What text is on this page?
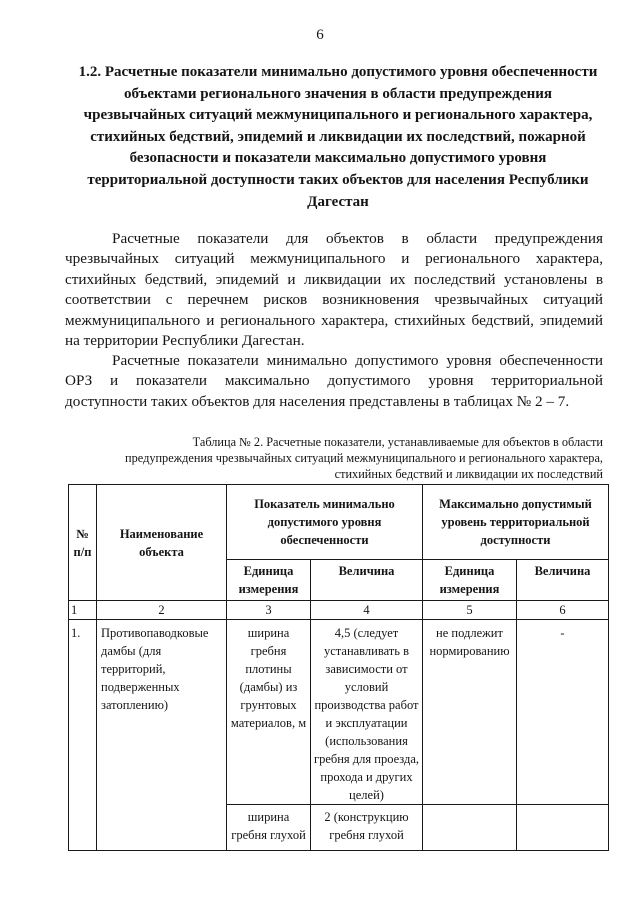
6
1.2. Расчетные показатели минимально допустимого уровня обеспеченности объектами регионального значения в области предупреждения чрезвычайных ситуаций межмуниципального и регионального характера, стихийных бедствий, эпидемий и ликвидации их последствий, пожарной безопасности и показатели максимально допустимого уровня территориальной доступности таких объектов для населения Республики Дагестан
Расчетные показатели для объектов в области предупреждения
чрезвычайных ситуаций межмуниципального и регионального характера,
стихийных бедствий, эпидемий и ликвидации их последствий установлены в
соответствии с перечнем рисков возникновения чрезвычайных ситуаций
межмуниципального и регионального характера, стихийных бедствий, эпидемий
на территории Республики Дагестан.
Расчетные показатели минимально допустимого уровня обеспеченности
ОРЗ и показатели максимально допустимого уровня территориальной
доступности таких объектов для населения представлены в таблицах № 2 – 7.
Таблица № 2. Расчетные показатели, устанавливаемые для объектов в области
предупреждения чрезвычайных ситуаций межмуниципального и регионального характера,
стихийных бедствий и ликвидации их последствий
№ п/п	Наименование объекта	Показатель минимально допустимого уровня обеспеченности		Максимально допустимый уровень территориальной доступности	
		Единица измерения	Величина	Единица измерения	Величина
1	2	3	4	5	6
1.	Противопаводковые дамбы (для территорий, подверженных затоплению)	ширина гребня плотины (дамбы) из грунтовых материалов, м	4,5 (следует устанавливать в зависимости от условий производства работ и эксплуатации (использования гребня для проезда, прохода и других целей)	не подлежит нормированию	-
		ширина гребня глухой	2 (конструкцию гребня глухой		
